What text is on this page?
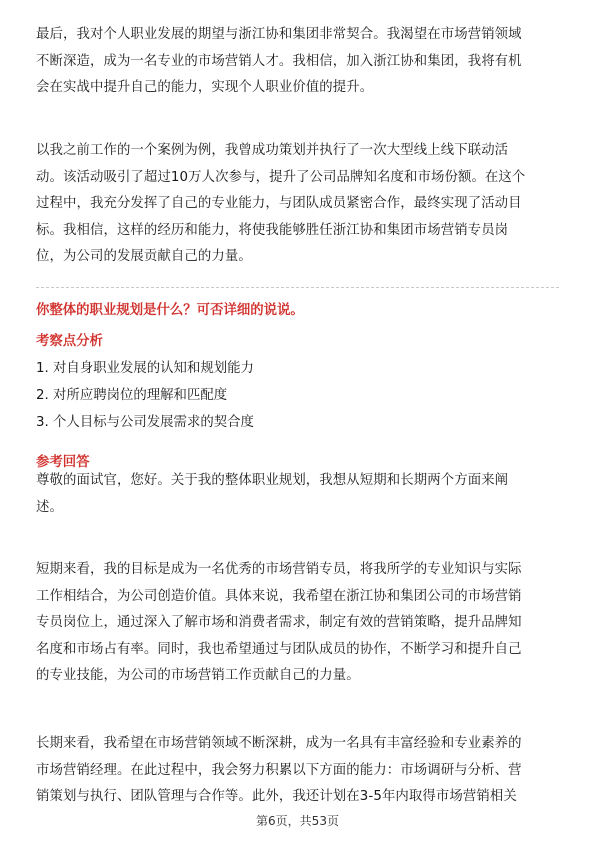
最后，我对个人职业发展的期望与浙江协和集团非常契合。我渴望在市场营销领域
不断深造，成为一名专业的市场营销人才。我相信，加入浙江协和集团，我将有机
会在实战中提升自己的能力，实现个人职业价值的提升。
以我之前工作的一个案例为例，我曾成功策划并执行了一次大型线上线下联动活
动。该活动吸引了超过10万人次参与，提升了公司品牌知名度和市场份额。在这个
过程中，我充分发挥了自己的专业能力，与团队成员紧密合作，最终实现了活动目
标。我相信，这样的经历和能力，将使我能够胜任浙江协和集团市场营销专员岗
位，为公司的发展贡献自己的力量。
你整体的职业规划是什么？可否详细的说说。
考察点分析
1. 对自身职业发展的认知和规划能力
2. 对所应聘岗位的理解和匹配度
3. 个人目标与公司发展需求的契合度
参考回答
尊敬的面试官，您好。关于我的整体职业规划，我想从短期和长期两个方面来阐
述。
短期来看，我的目标是成为一名优秀的市场营销专员，将我所学的专业知识与实际
工作相结合，为公司创造价值。具体来说，我希望在浙江协和集团公司的市场营销
专员岗位上，通过深入了解市场和消费者需求，制定有效的营销策略，提升品牌知
名度和市场占有率。同时，我也希望通过与团队成员的协作，不断学习和提升自己
的专业技能，为公司的市场营销工作贡献自己的力量。
长期来看，我希望在市场营销领域不断深耕，成为一名具有丰富经验和专业素养的
市场营销经理。在此过程中，我会努力积累以下方面的能力：市场调研与分析、营
销策划与执行、团队管理与合作等。此外，我还计划在3-5年内取得市场营销相关
第6页，共53页
